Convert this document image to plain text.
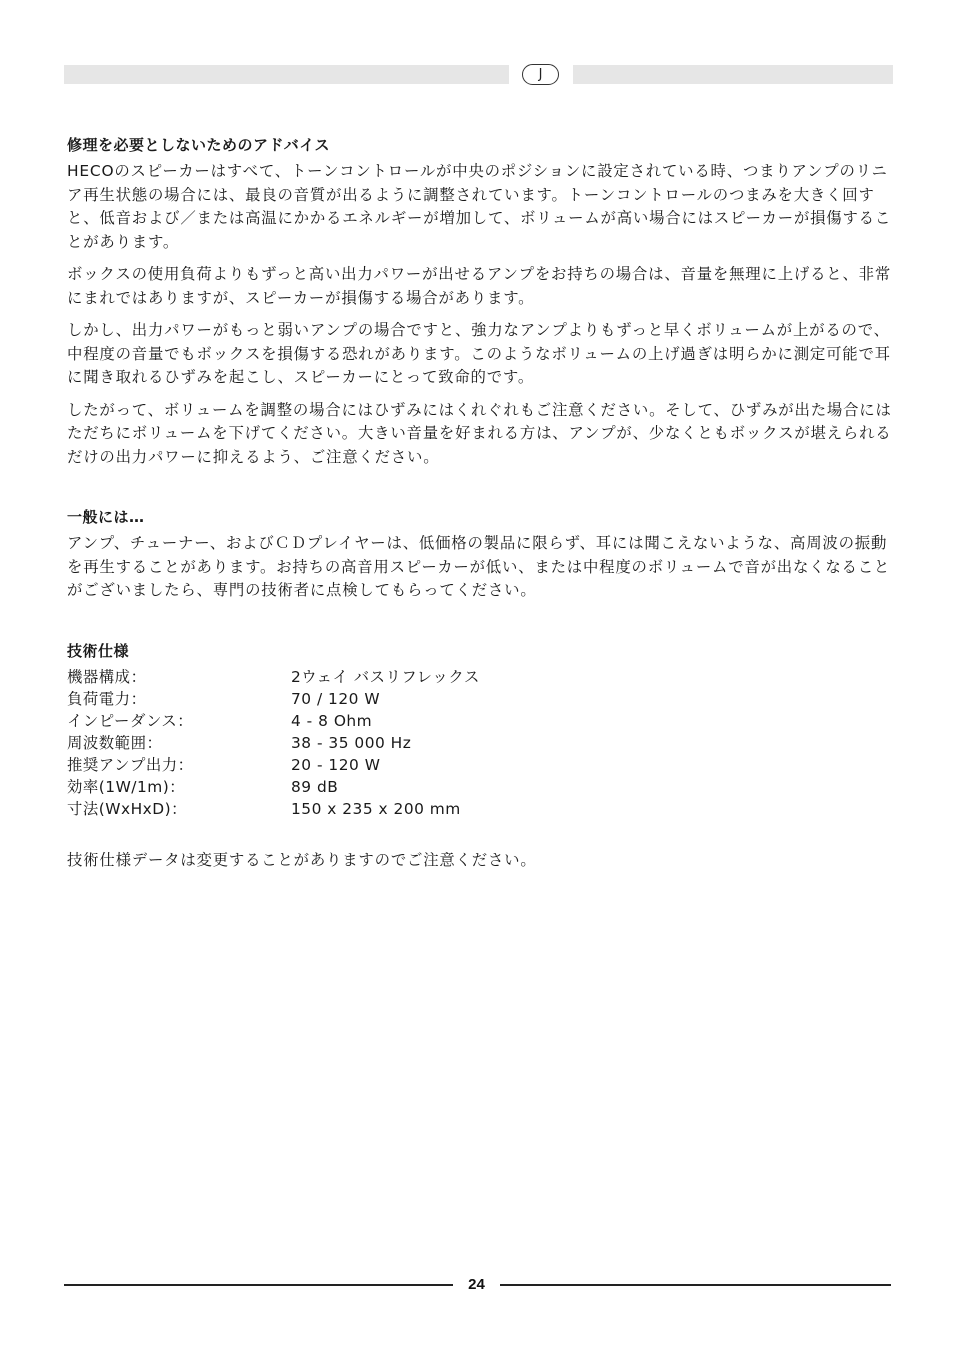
J
修理を必要としないためのアドバイス

HECOのスピーカーはすべて、トーンコントロールが中央のポジションに設定されている時、つまりアンプのリニア再生状態の場合には、最良の音質が出るように調整されています。トーンコントロールのつまみを大きく回すと、低音および／または高温にかかるエネルギーが増加して、ボリュームが高い場合にはスピーカーが損傷することがあります。

ボックスの使用負荷よりもずっと高い出力パワーが出せるアンプをお持ちの場合は、音量を無理に上げると、非常にまれではありますが、スピーカーが損傷する場合があります。

しかし、出力パワーがもっと弱いアンプの場合ですと、強力なアンプよりもずっと早くボリュームが上がるので、中程度の音量でもボックスを損傷する恐れがあります。このようなボリュームの上げ過ぎは明らかに測定可能で耳に聞き取れるひずみを起こし、スピーカーにとって致命的です。

したがって、ボリュームを調整の場合にはひずみにはくれぐれもご注意ください。そして、ひずみが出た場合にはただちにボリュームを下げてください。大きい音量を好まれる方は、アンプが、少なくともボックスが堪えられるだけの出力パワーに抑えるよう、ご注意ください。

一般には…

アンプ、チューナー、およびＣＤプレイヤーは、低価格の製品に限らず、耳には聞こえないような、高周波の振動を再生することがあります。お持ちの高音用スピーカーが低い、または中程度のボリュームで音が出なくなることがございましたら、専門の技術者に点検してもらってください。

技術仕様
機器構成：	2ウェイ バスリフレックス
負荷電力：	70 / 120 W
インピーダンス：	4 - 8 Ohm
周波数範囲：	38 - 35 000 Hz
推奨アンプ出力：	20 - 120 W
効率(1W/1m)：	89 dB
寸法(WxHxD)：	150 x 235 x 200 mm
技術仕様データは変更することがありますのでご注意ください。
24
